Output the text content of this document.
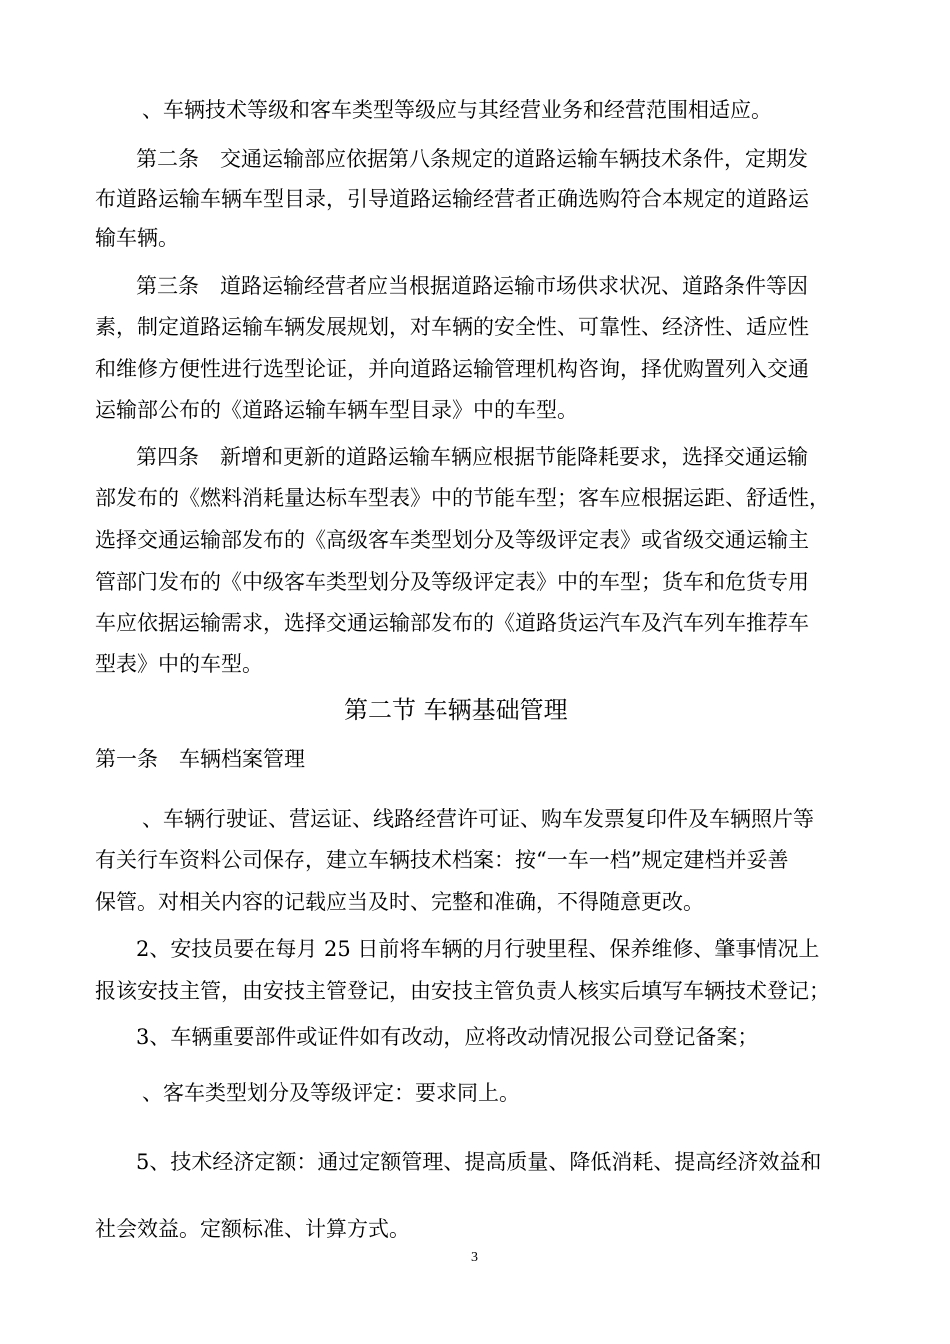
、车辆技术等级和客车类型等级应与其经营业务和经营范围相适应。
第二条　交通运输部应依据第八条规定的道路运输车辆技术条件，定期发
布道路运输车辆车型目录，引导道路运输经营者正确选购符合本规定的道路运
输车辆。
第三条　道路运输经营者应当根据道路运输市场供求状况、道路条件等因
素，制定道路运输车辆发展规划，对车辆的安全性、可靠性、经济性、适应性
和维修方便性进行选型论证，并向道路运输管理机构咨询，择优购置列入交通
运输部公布的《道路运输车辆车型目录》中的车型。
第四条　新增和更新的道路运输车辆应根据节能降耗要求，选择交通运输
部发布的《燃料消耗量达标车型表》中的节能车型；客车应根据运距、舒适性，
选择交通运输部发布的《高级客车类型划分及等级评定表》或省级交通运输主
管部门发布的《中级客车类型划分及等级评定表》中的车型；货车和危货专用
车应依据运输需求，选择交通运输部发布的《道路货运汽车及汽车列车推荐车
型表》中的车型。
第二节 车辆基础管理
第一条　车辆档案管理
、车辆行驶证、营运证、线路经营许可证、购车发票复印件及车辆照片等
有关行车资料公司保存，建立车辆技术档案：按“一车一档”规定建档并妥善
保管。对相关内容的记载应当及时、完整和准确，不得随意更改。
2、安技员要在每月 25 日前将车辆的月行驶里程、保养维修、肇事情况上
报该安技主管，由安技主管登记，由安技主管负责人核实后填写车辆技术登记；
3、车辆重要部件或证件如有改动，应将改动情况报公司登记备案；
、客车类型划分及等级评定：要求同上。
5、技术经济定额：通过定额管理、提高质量、降低消耗、提高经济效益和
社会效益。定额标准、计算方式。
3
